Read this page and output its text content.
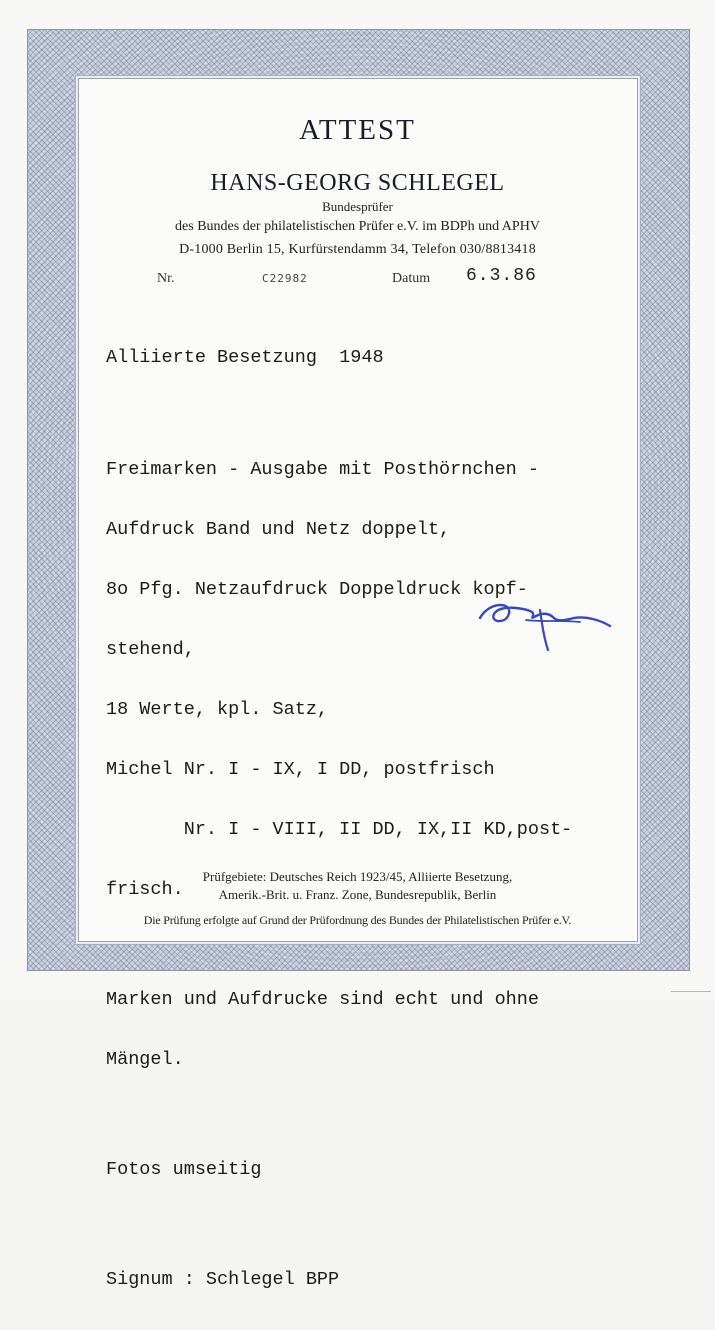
ATTEST
HANS-GEORG SCHLEGEL
Bundesprüfer
des Bundes der philatelistischen Prüfer e.V. im BDPh und APHV
D-1000 Berlin 15, Kurfürstendamm 34, Telefon 030/8813418
Nr.	C22982	Datum 6.3.86

Alliierte Besetzung  1948

Freimarken - Ausgabe mit Posthörnchen -

Aufdruck Band und Netz doppelt,

8o Pfg. Netzaufdruck Doppeldruck kopf-

stehend,

18 Werte, kpl. Satz,

Michel Nr. I - IX, I DD, postfrisch

Nr. I - VIII, II DD, IX,II KD,post-

frisch.

Marken und Aufdrucke sind echt und ohne

Mängel.

Fotos umseitig

Signum : Schlegel BPP

Prüfgebiete: Deutsches Reich 1923/45, Alliierte Besetzung,
Amerik.-Brit. u. Franz. Zone, Bundesrepublik, Berlin
Die Prüfung erfolgte auf Grund der Prüfordnung des Bundes der Philatelistischen Prüfer e.V.
